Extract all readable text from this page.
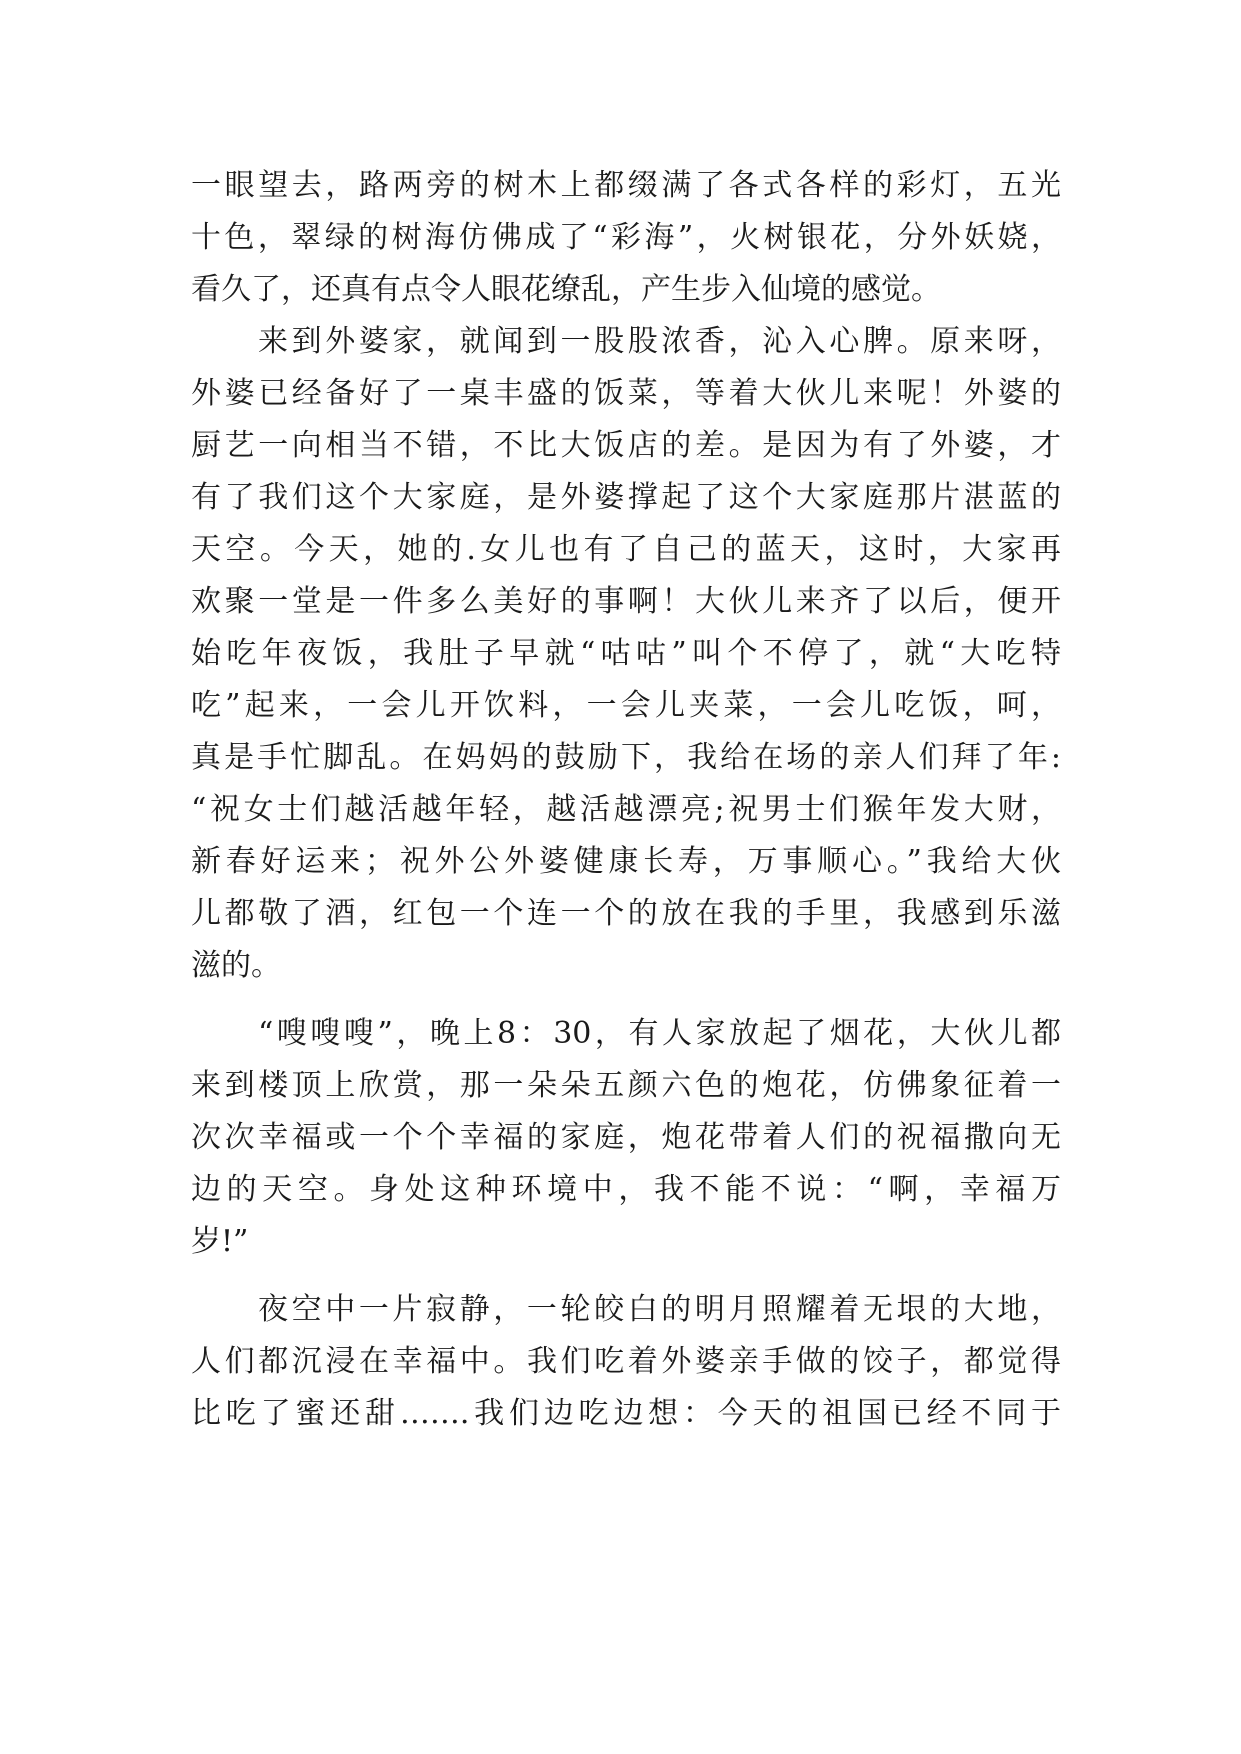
一眼望去，路两旁的树木上都缀满了各式各样的彩灯，五光
十色，翠绿的树海仿佛成了“彩海”，火树银花，分外妖娆，
看久了，还真有点令人眼花缭乱，产生步入仙境的感觉。
来到外婆家，就闻到一股股浓香，沁入心脾。原来呀，
外婆已经备好了一桌丰盛的饭菜，等着大伙儿来呢！外婆的
厨艺一向相当不错，不比大饭店的差。是因为有了外婆，才
有了我们这个大家庭，是外婆撑起了这个大家庭那片湛蓝的
天空。今天，她的.女儿也有了自己的蓝天，这时，大家再
欢聚一堂是一件多么美好的事啊！大伙儿来齐了以后，便开
始吃年夜饭，我肚子早就“咕咕”叫个不停了，就“大吃特
吃”起来，一会儿开饮料，一会儿夹菜，一会儿吃饭，呵，
真是手忙脚乱。在妈妈的鼓励下，我给在场的亲人们拜了年:
“祝女士们越活越年轻，越活越漂亮;祝男士们猴年发大财，
新春好运来；祝外公外婆健康长寿，万事顺心。”我给大伙
儿都敬了酒，红包一个连一个的放在我的手里，我感到乐滋
滋的。
“嗖嗖嗖”，晚上8：30，有人家放起了烟花，大伙儿都
来到楼顶上欣赏，那一朵朵五颜六色的炮花，仿佛象征着一
次次幸福或一个个幸福的家庭，炮花带着人们的祝福撒向无
边的天空。身处这种环境中，我不能不说：“啊，幸福万
岁!”
夜空中一片寂静，一轮皎白的明月照耀着无垠的大地，
人们都沉浸在幸福中。我们吃着外婆亲手做的饺子，都觉得
比吃了蜜还甜…….我们边吃边想：今天的祖国已经不同于
